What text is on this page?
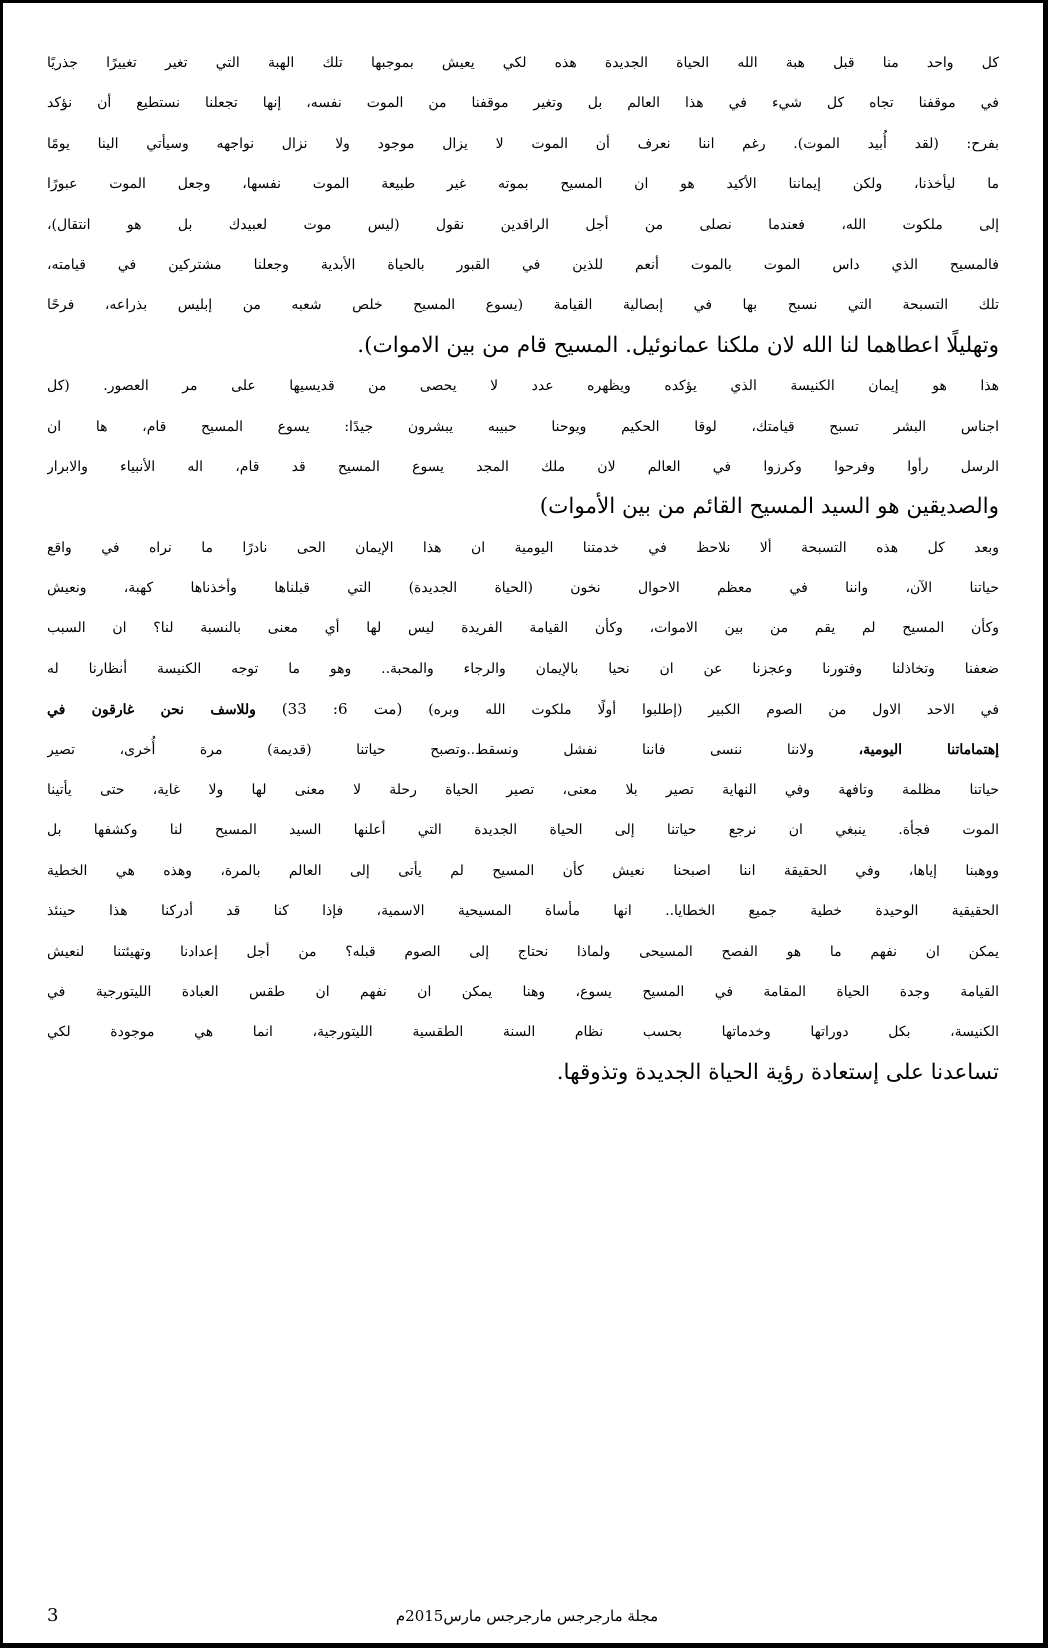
كل واحد منا قبل هبة الله الحياة الجديدة هذه لكي يعيش بموجبها تلك الهبة التي تغير تغييرًا جذريًا
في موقفنا تجاه كل شيء في هذا العالم بل وتغير موقفنا من الموت نفسه، إنها تجعلنا نستطيع أن نؤكد
بفرح: (لقد أُبيد الموت). رغم اننا نعرف أن الموت لا يزال موجود ولا نزال نواجهه وسيأتي الينا يومًا
ما ليأخذنا، ولكن إيماننا الأكيد هو ان المسيح بموته غير طبيعة الموت نفسها، وجعل الموت عبورًا
إلى ملكوت الله، فعندما نصلى من أجل الراقدين نقول (ليس موت لعبيدك بل هو انتقال)،
فالمسيح الذي داس الموت بالموت أنعم للذين في القبور بالحياة الأبدية وجعلنا مشتركين في قيامته،
تلك التسبحة التي نسبح بها في إبصالية القيامة (يسوع المسيح خلص شعبه من إبليس بذراعه، فرحًا
وتهليلًا اعطاهما لنا الله لان ملكنا عمانوئيل. المسيح قام من بين الاموات).
هذا هو إيمان الكنيسة الذي يؤكده ويظهره عدد لا يحصى من قديسيها على مر العصور. (كل
اجناس البشر تسبح قيامتك، لوقا الحكيم ويوحنا حبيبه يبشرون جيدًا: يسوع المسيح قام، ها ان
الرسل رأوا وفرحوا وكرزوا في العالم لان ملك المجد يسوع المسيح قد قام، اله الأنبياء والابرار
والصديقين هو السيد المسيح القائم من بين الأموات)
وبعد كل هذه التسبحة ألا نلاحظ في خدمتنا اليومية ان هذا الإيمان الحى نادرًا ما نراه في واقع
حياتنا الآن، واننا في معظم الاحوال نخون (الحياة الجديدة) التي قبلناها وأخذناها كهبة، ونعيش
وكأن المسيح لم يقم من بين الاموات، وكأن القيامة الفريدة ليس لها أي معنى بالنسبة لنا؟ ان السبب
ضعفنا وتخاذلنا وفتورنا وعجزنا عن ان نحيا بالإيمان والرجاء والمحبة.. وهو ما توجه الكنيسة أنظارنا له
في الاحد الاول من الصوم الكبير (إطلبوا أولًا ملكوت الله وبره) (مت 6: 33) وللاسف نحن غارقون في
إهتماماتنا اليومية، ولاننا ننسى فاننا نفشل ونسقط..وتصبح حياتنا (قديمة) مرة أُخرى، تصير
حياتنا مظلمة وتافهة وفي النهاية تصير بلا معنى، تصير الحياة رحلة لا معنى لها ولا غاية، حتى يأتينا
الموت فجأة. ينبغي ان نرجع حياتنا إلى الحياة الجديدة التي أعلنها السيد المسيح لنا وكشفها بل
ووهبنا إياها، وفي الحقيقة اننا اصبحنا نعيش كأن المسيح لم يأتى إلى العالم بالمرة، وهذه هي الخطية
الحقيقية الوحيدة خطية جميع الخطايا.. انها مأساة المسيحية الاسمية، فإذا كنا قد أدركنا هذا حينئذ
يمكن ان نفهم ما هو الفصح المسيحى ولماذا نحتاج إلى الصوم قبله؟ من أجل إعدادنا وتهيئتنا لنعيش
القيامة وجدة الحياة المقامة في المسيح يسوع، وهنا يمكن ان نفهم ان طقس العبادة الليتورجية في
الكنيسة، بكل دوراتها وخدماتها بحسب نظام السنة الطقسية الليتورجية، انما هي موجودة لكي
تساعدنا على إستعادة رؤية الحياة الجديدة وتذوقها.
3	مجلة مارجرجس مارجرجس مارس2015م
